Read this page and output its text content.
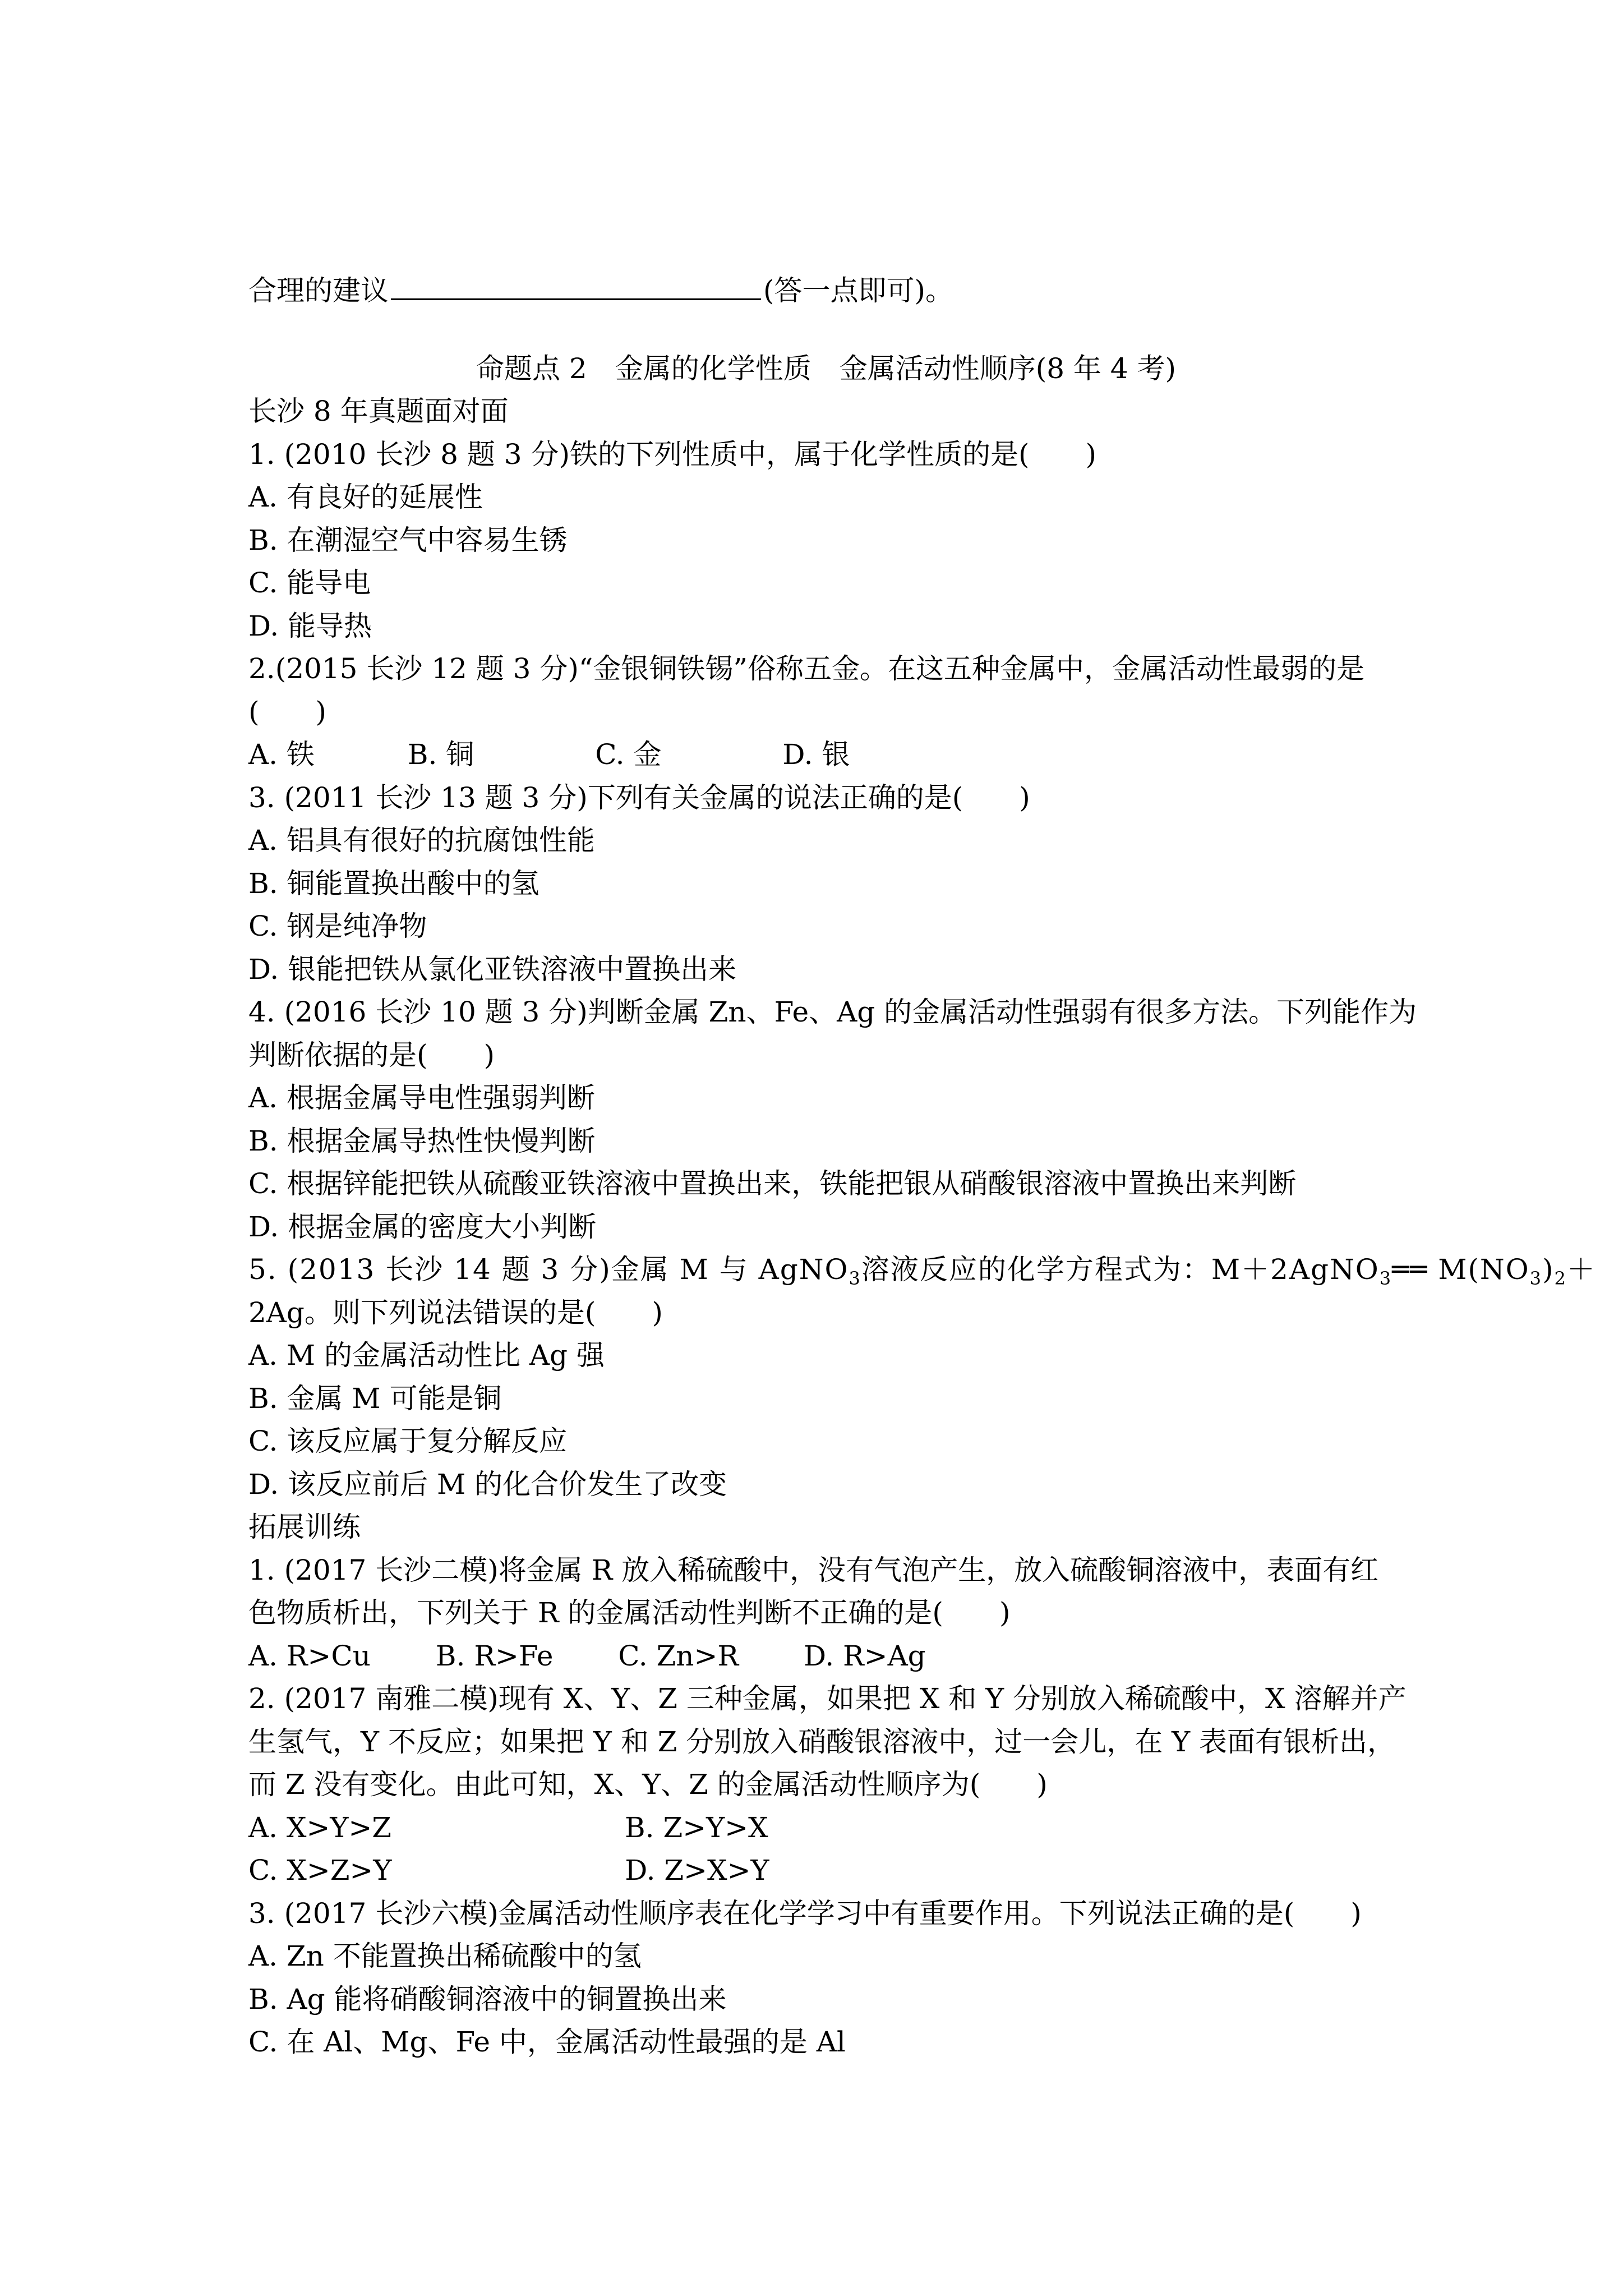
合理的建议	(答一点即可)。
命题点 2　金属的化学性质　金属活动性顺序(8 年 4 考)
长沙 8 年真题面对面
1. (2010 长沙 8 题 3 分)铁的下列性质中，属于化学性质的是(　　)
A. 有良好的延展性
B. 在潮湿空气中容易生锈
C. 能导电
D. 能导热
2.(2015 长沙 12 题 3 分)“金银铜铁锡”俗称五金。在这五种金属中，金属活动性最弱的是
(　　)
A. 铁　　　 B. 铜　　　　 C. 金　　　　 D. 银
3. (2011 长沙 13 题 3 分)下列有关金属的说法正确的是(　　)
A. 铝具有很好的抗腐蚀性能
B. 铜能置换出酸中的氢
C. 钢是纯净物
D. 银能把铁从氯化亚铁溶液中置换出来
4. (2016 长沙 10 题 3 分)判断金属 Zn、Fe、Ag 的金属活动性强弱有很多方法。下列能作为
判断依据的是(　　)
A. 根据金属导电性强弱判断
B. 根据金属导热性快慢判断
C. 根据锌能把铁从硫酸亚铁溶液中置换出来，铁能把银从硝酸银溶液中置换出来判断
D. 根据金属的密度大小判断
5. (2013 长沙 14 题 3 分)金属 M 与 AgNO$_3$溶液反应的化学方程式为：M＋2AgNO$_3$══ $M(NO_3)_2+$
2Ag。则下列说法错误的是(　　)
A. M 的金属活动性比 Ag 强
B. 金属 M 可能是铜
C. 该反应属于复分解反应
D. 该反应前后 M 的化合价发生了改变
拓展训练
1. (2017 长沙二模)将金属 R 放入稀硫酸中，没有气泡产生，放入硫酸铜溶液中，表面有红
色物质析出，下列关于 R 的金属活动性判断不正确的是(　　)
A. R>Cu　　 B. R>Fe　　 C. Zn>R　　 D. R>Ag
2. (2017 南雅二模)现有 X、Y、Z 三种金属，如果把 X 和 Y 分别放入稀硫酸中，X 溶解并产
生氢气，Y 不反应；如果把 Y 和 Z 分别放入硝酸银溶液中，过一会儿，在 Y 表面有银析出，
而 Z 没有变化。由此可知，X、Y、Z 的金属活动性顺序为(　　)
A. X>Y>Z　　　　　　　　 B. Z>Y>X
C. X>Z>Y　　　　　　　　 D. Z>X>Y
3. (2017 长沙六模)金属活动性顺序表在化学学习中有重要作用。下列说法正确的是(　　)
A. Zn 不能置换出稀硫酸中的氢
B. Ag 能将硝酸铜溶液中的铜置换出来
C. 在 Al、Mg、Fe 中，金属活动性最强的是 Al
